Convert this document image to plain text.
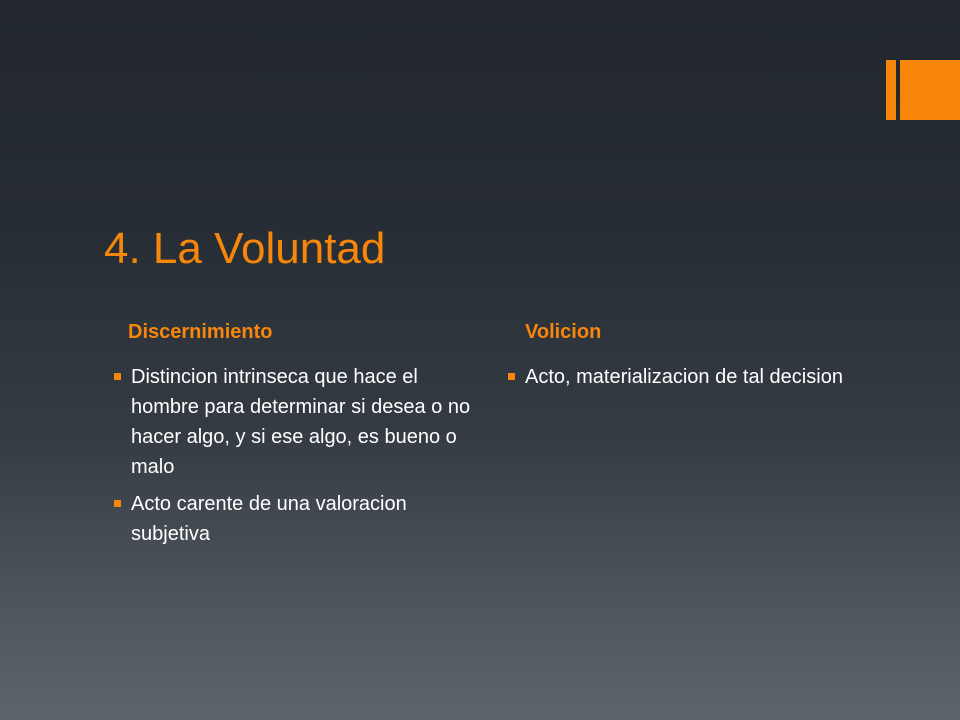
4. La Voluntad
Discernimiento	Volicion
Distincion intrinseca que hace el hombre para determinar si desea o no hacer algo, y si ese algo, es bueno o malo
Acto carente de una valoracion subjetiva
Acto, materializacion de tal decision
